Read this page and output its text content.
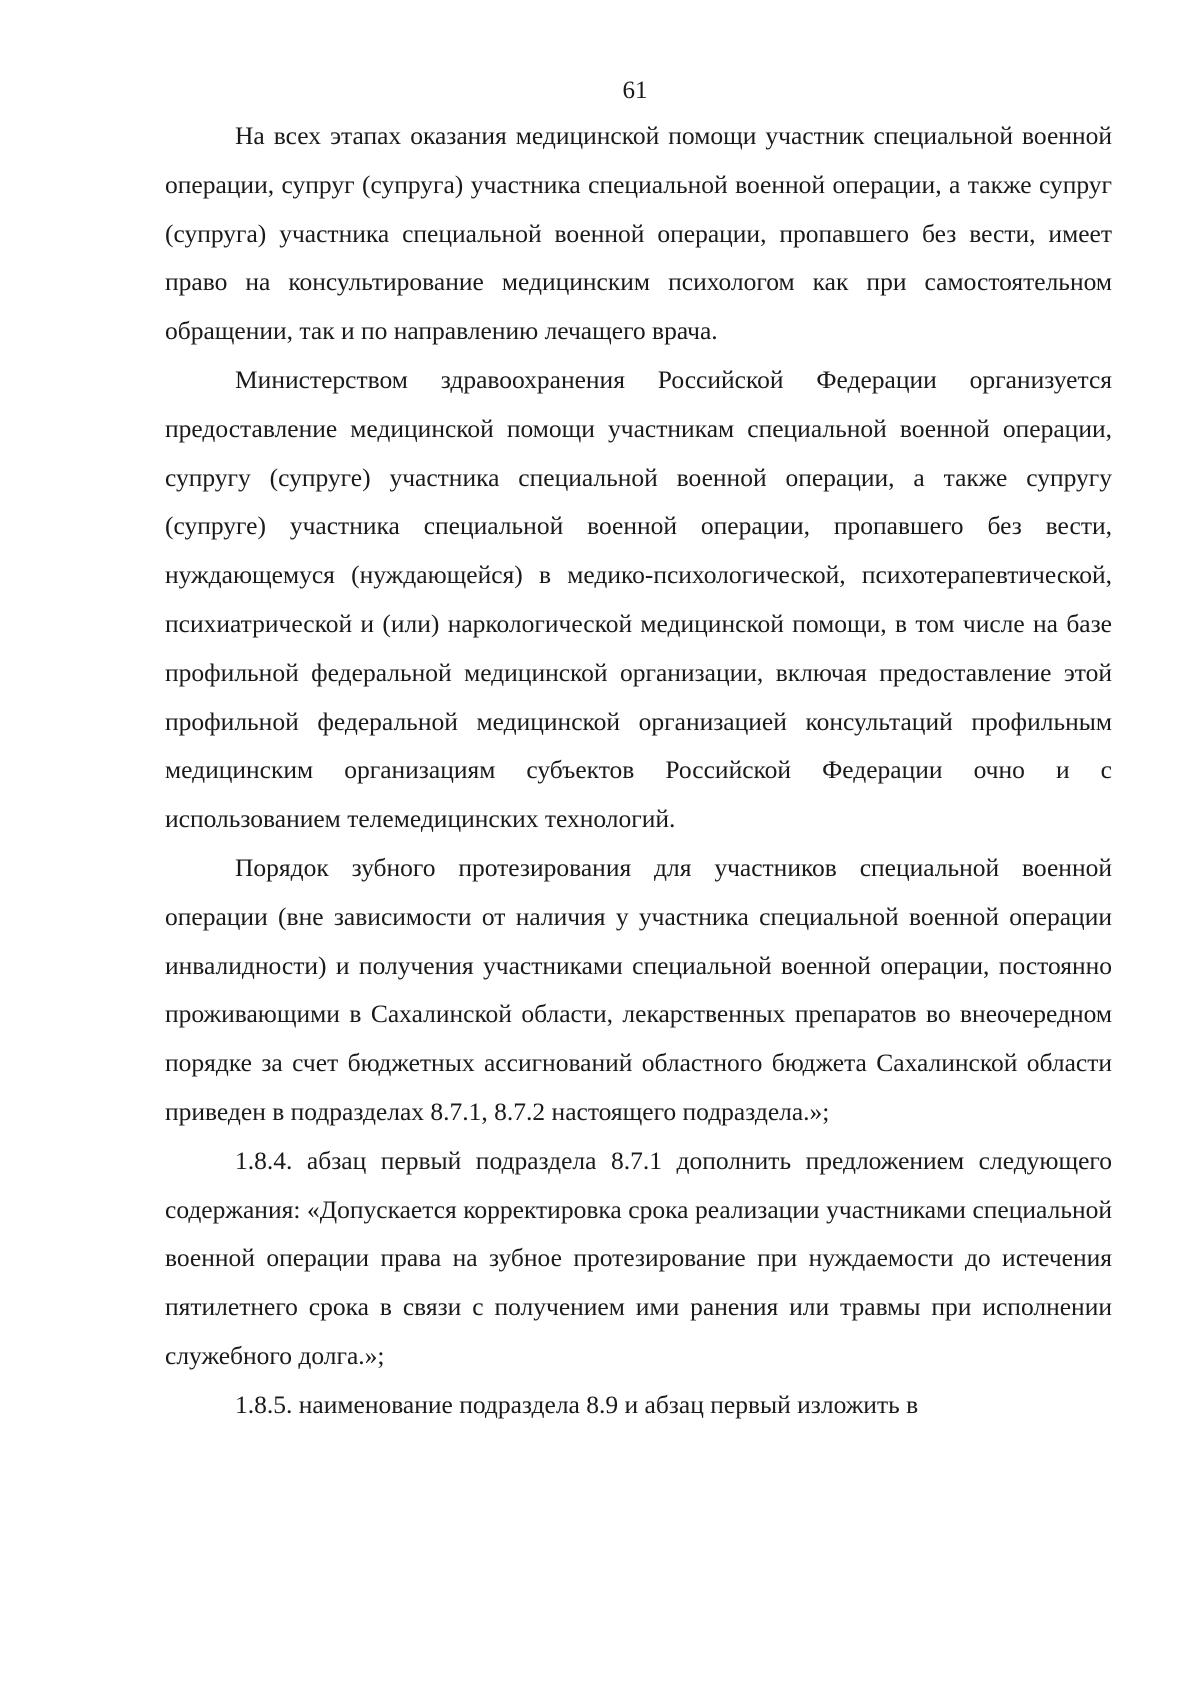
61

На всех этапах оказания медицинской помощи участник специальной военной операции, супруг (супруга) участника специальной военной операции, а также супруг (супруга) участника специальной военной операции, пропавшего без вести, имеет право на консультирование медицинским психологом как при самостоятельном обращении, так и по направлению лечащего врача.

Министерством здравоохранения Российской Федерации организуется предоставление медицинской помощи участникам специальной военной операции, супругу (супруге) участника специальной военной операции, а также супругу (супруге) участника специальной военной операции, пропавшего без вести, нуждающемуся (нуждающейся) в медико-психологической, психотерапевтической, психиатрической и (или) наркологической медицинской помощи, в том числе на базе профильной федеральной медицинской организации, включая предоставление этой профильной федеральной медицинской организацией консультаций профильным медицинским организациям субъектов Российской Федерации очно и с использованием телемедицинских технологий.

Порядок зубного протезирования для участников специальной военной операции (вне зависимости от наличия у участника специальной военной операции инвалидности) и получения участниками специальной военной операции, постоянно проживающими в Сахалинской области, лекарственных препаратов во внеочередном порядке за счет бюджетных ассигнований областного бюджета Сахалинской области приведен в подразделах 8.7.1, 8.7.2 настоящего подраздела.»;

1.8.4. абзац первый подраздела 8.7.1 дополнить предложением следующего содержания: «Допускается корректировка срока реализации участниками специальной военной операции права на зубное протезирование при нуждаемости до истечения пятилетнего срока в связи с получением ими ранения или травмы при исполнении служебного долга.»;

1.8.5. наименование подраздела 8.9 и абзац первый изложить в
